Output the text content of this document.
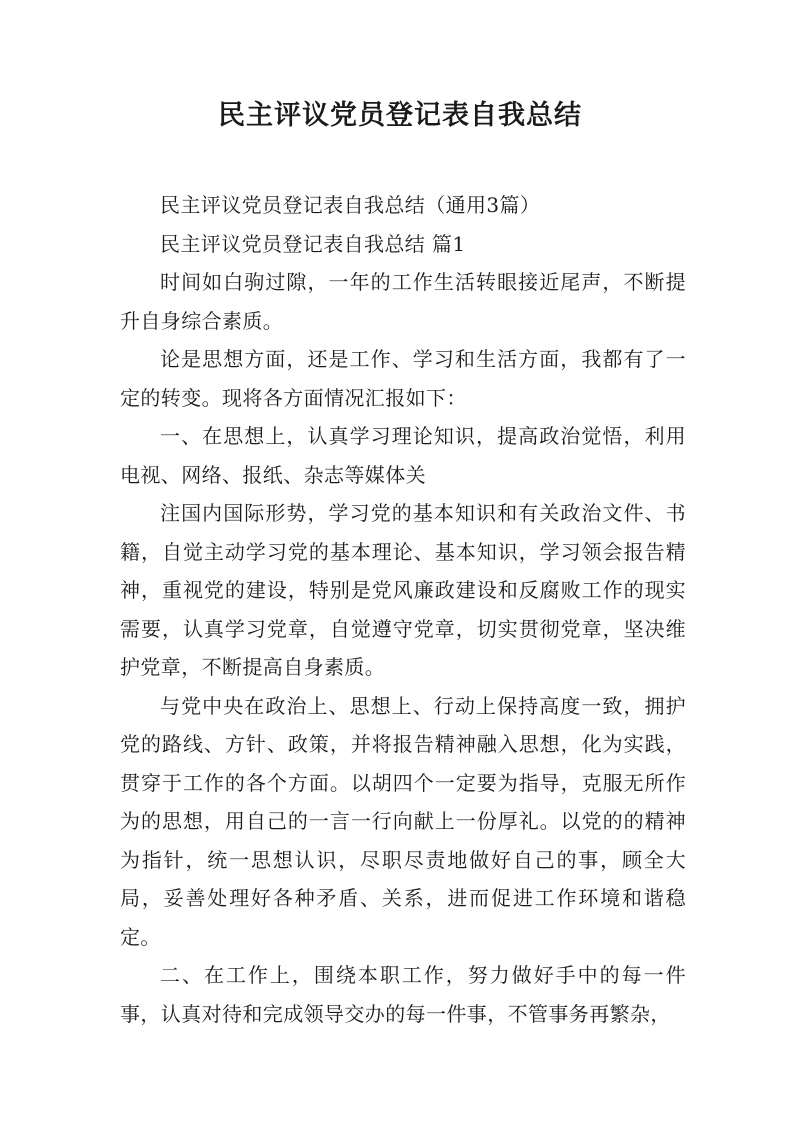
民主评议党员登记表自我总结

民主评议党员登记表自我总结（通用3篇）

民主评议党员登记表自我总结 篇1

时间如白驹过隙，一年的工作生活转眼接近尾声，不断提升自身综合素质。

论是思想方面，还是工作、学习和生活方面，我都有了一定的转变。现将各方面情况汇报如下：

一、在思想上，认真学习理论知识，提高政治觉悟，利用电视、网络、报纸、杂志等媒体关

注国内国际形势，学习党的基本知识和有关政治文件、书籍，自觉主动学习党的基本理论、基本知识，学习领会报告精神，重视党的建设，特别是党风廉政建设和反腐败工作的现实需要，认真学习党章，自觉遵守党章，切实贯彻党章，坚决维护党章，不断提高自身素质。

与党中央在政治上、思想上、行动上保持高度一致，拥护党的路线、方针、政策，并将报告精神融入思想，化为实践，贯穿于工作的各个方面。以胡四个一定要为指导，克服无所作为的思想，用自己的一言一行向献上一份厚礼。以党的的精神为指针，统一思想认识，尽职尽责地做好自己的事，顾全大局，妥善处理好各种矛盾、关系，进而促进工作环境和谐稳定。

二、在工作上，围绕本职工作，努力做好手中的每一件事，认真对待和完成领导交办的每一件事，不管事务再繁杂，
